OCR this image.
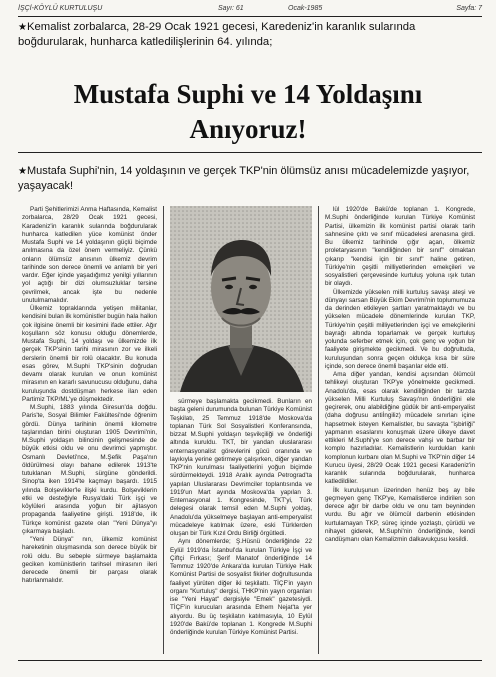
İŞÇİ-KÖYLÜ KURTULUŞU	Sayı: 61	Ocak-1985	Sayfa: 7
★Kemalist zorbalarca, 28-29 Ocak 1921 gecesi, Karedeniz'in karanlık sularında boğdurularak, hunharca katledilişlerinin 64. yılında;
Mustafa Suphi ve 14 Yoldaşını
Anıyoruz!
★Mustafa Suphi'nin, 14 yoldaşının ve gerçek TKP'nin ölümsüz anısı mücadelemizde yaşıyor, yaşayacak!

Parti Şehitlerimizi Anma Haftasında, Kemalist zorbalarca, 28/29 Ocak 1921 gecesi, Karadeniz'in karanlık sularında boğdurularak hunharca katledilen yüce komünist önder Mustafa Suphi ve 14 yoldaşının güçlü biçimde anılmasına da özel önem vermeliyiz. Çünkü onların ölümsüz anısının ülkemiz devrim tarihinde son derece önemli ve anlamlı bir yeri vardır. Eğer içinde yaşadığımız yenilgi yıllarının yol açtığı bir dizi olumsuzluklar tersine çevrilmek, ancak işte bu nedenle unutulmamalıdır.

Ülkemiz topraklarında yetişen militanlar, kendisini bulan ilk komünistler bugün hala halkın çok ilgisine önemli bir kesimini ifade ettiler. Ağır koşulların söz konusu olduğu dönemlerde, Mustafa Suphi, 14 yoldaşı ve ülkemizde ilk gerçek TKP'sinin tarihi mirasının zor ve ilkeli derslerin önemli bir rolü olacaktır. Bu konuda esas görev, M.Suphi TKP'sinin doğrudan devamı olarak kurulan ve onun komünist mirasının en kararlı savunucusu olduğunu, daha kuruluşunda dostdüşman herkese ilan eden Partimiz TKP/ML'ye düşmektedir.

M.Suphi, 1883 yılında Giresun'da doğdu. Paris'te, Sosyal Bilimler Fakültesi'nde öğrenim gördü. Dünya tarihinin önemli kilometre taşlarından birini oluşturan 1905 Devrimi'nin, M.Suphi yoldaşın bilincinin gelişmesinde de büyük etkisi oldu ve onu devrimci yapmıştır. Osmanlı Devleti'nce, M.Şefik Paşa'nın öldürülmesi olayı bahane edilerek 1913'te tutuklanan M.Suphi, sürgüne gönderildi. Sinop'ta iken 1914'te kaçmayı başardı. 1915 yılında Bolşevikler'le ilişki kurdu. Bolşeviklerin etki ve desteğiyle Rusya'daki Türk işçi ve köylüleri arasında yoğun bir ajitasyon propaganda faaliyetine girişti. 1918'de, ilk Türkçe komünist gazete olan "Yeni Dünya"yı çıkarmaya başladı.

"Yeni Dünya" nın, ülkemiz komünist hareketinin oluşmasında son derece büyük bir rolü oldu. Bu sebeple sürmeye başlamakta geciken komünistlerin tarihsel mirasının ileri derecede önemli bir parçası olarak hatırlanmalıdır.

sürmeye başlamakta gecikmedi. Bunların en başta geleni durumunda bulunan Türkiye Komünist Teşkilatı, 25 Temmuz 1918'de Moskova'da toplanan Türk Sol Sosyalistleri Konferansında, bizzat M.Suphi yoldaşın teşvikçiliği ve önderliği altında kuruldu. TKT, bir yandan uluslararası enternasyonalist görevlerini gücü oranında ve layıkıyla yerine getirmeye çalışırken, diğer yandan TKP'nin kurulması faaliyetlerini yoğun biçimde sürdürmekteydi. 1918 Aralık ayında Petrograd'ta yapılan Uluslararası Devrimciler toplantısında ve 1919'un Mart ayında Moskova'da yapılan 3. Enternasyonal 1. Kongresinde, TKT'yi, Türk delegesi olarak temsil eden M.Suphi yoldaş, Anadolu'da yükselmeye başlayan anti-emperyalist mücadeleye katılmak üzere, eski Türklerden oluşan bir Türk Kızıl Ordu Birliği örgütledi.

Aynı dönemlerde; Ş.Hüsnü önderliğinde 22 Eylül 1919'da İstanbul'da kurulan Türkiye İşçi ve Çiftçi Fırkası; Şerif Manatof önderliğinde 14 Temmuz 1920'de Ankara'da kurulan Türkiye Halk Komünist Partisi de sosyalist fikirler doğrultusunda faaliyet yürüten diğer iki teşkilattı. TİÇF'in yayın organı "Kurtuluş" dergisi, THKP'nin yayın organları ise "Yeni Hayat" dergisiyle "Emek" gazetesiydi. TİÇF'in kurucuları arasında Ethem Nejat'ta yer alıyordu. Bu üç teşkilatın katılmasıyla, 10 Eylül 1920'de Bakü'de toplanan 1. Kongrede M.Suphi önderliğinde kurulan Türkiye Komünist Partisi.

lül 1920'de Bakü'de toplanan 1. Kongrede, M.Suphi önderliğinde kurulan Türkiye Komünist Partisi, ülkemizin ilk komünist partisi olarak tarih sahnesine çıktı ve sınıf mücadelesi arenasına girdi. Bu ülkemiz tarihinde çığır açan, ölkemiz proletaryasının "kendiliğinden bir sınıf" olmaktan çıkarıp "kendisi için bir sınıf" haline getiren, Türkiye'nin çeşitli milliyetlerinden emekçileri ve sosyalistleri çerçevesinde kurtuluş yoluna ışık tutan bir olaydı.

Ülkemizde yükselen milli kurtuluş savaşı ateşi ve dünyayı sarsan Büyük Ekim Devrimi'nin toplumumuza da derinden etkileyen şartları yaratmaktaydı ve bu yükselen mücadele dönemlerinde kurulan TKP, Türkiye'nin çeşitli milliyetlerinden işçi ve emekçilerini bayrağı altında toparlamak ve gerçek kurtuluş yolunda seferber etmek için, çok genç ve yoğun bir faaliyete girişmekte gecikmedi. Ve bu doğrultuda, kuruluşundan sonra geçen oldukça kısa bir süre içinde, son derece önemli başarılar elde etti.

Ama diğer yandan, kendisi açısından ölümcül tehlikeyi oluşturan TKP'ye yönelmekte gecikmedi. Anadolu'da, esas olarak kendiliğinden bir tarzda yükselen Milli Kurtuluş Savaşı'nın önderliğini ele geçirerek, onu alabildiğine güdük bir anti-emperyalist (daha doğrusu antiİngiliz) mücadele sınırları içine hapsetmek isteyen Kemalistler, bu savaşta "işbirliği" yapmanın esaslarını konuşmak üzere ülkeye davet ettikleri M.Suphi'ye son derece vahşi ve barbar bir komplo hazırladılar. Kemalistlerin kurdukları kanlı komplonun kurbanı olan M.Suphi ve TKP'nin diğer 14 Kurucu üyesi, 28/29 Ocak 1921 gecesi Karadeniz'in karanlık sularında boğdurularak, hunharca katledildiler.

İlk kuruluşunun üzerinden henüz beş ay bile geçmeyen genç TKP'ye, Kemalistlerce indirilen son derece ağır bir darbe oldu ve onu tam beyninden vurdu. Bu ağır ve ölümcül darbenin etkisinden kurtulamayan TKP, süreç içinde yozlaştı, çürüdü ve nihayet giderek, M.Suphi'nin önderliğinde, kendi candüşmanı olan Kemalizmin dalkavukçusu kesildi.
